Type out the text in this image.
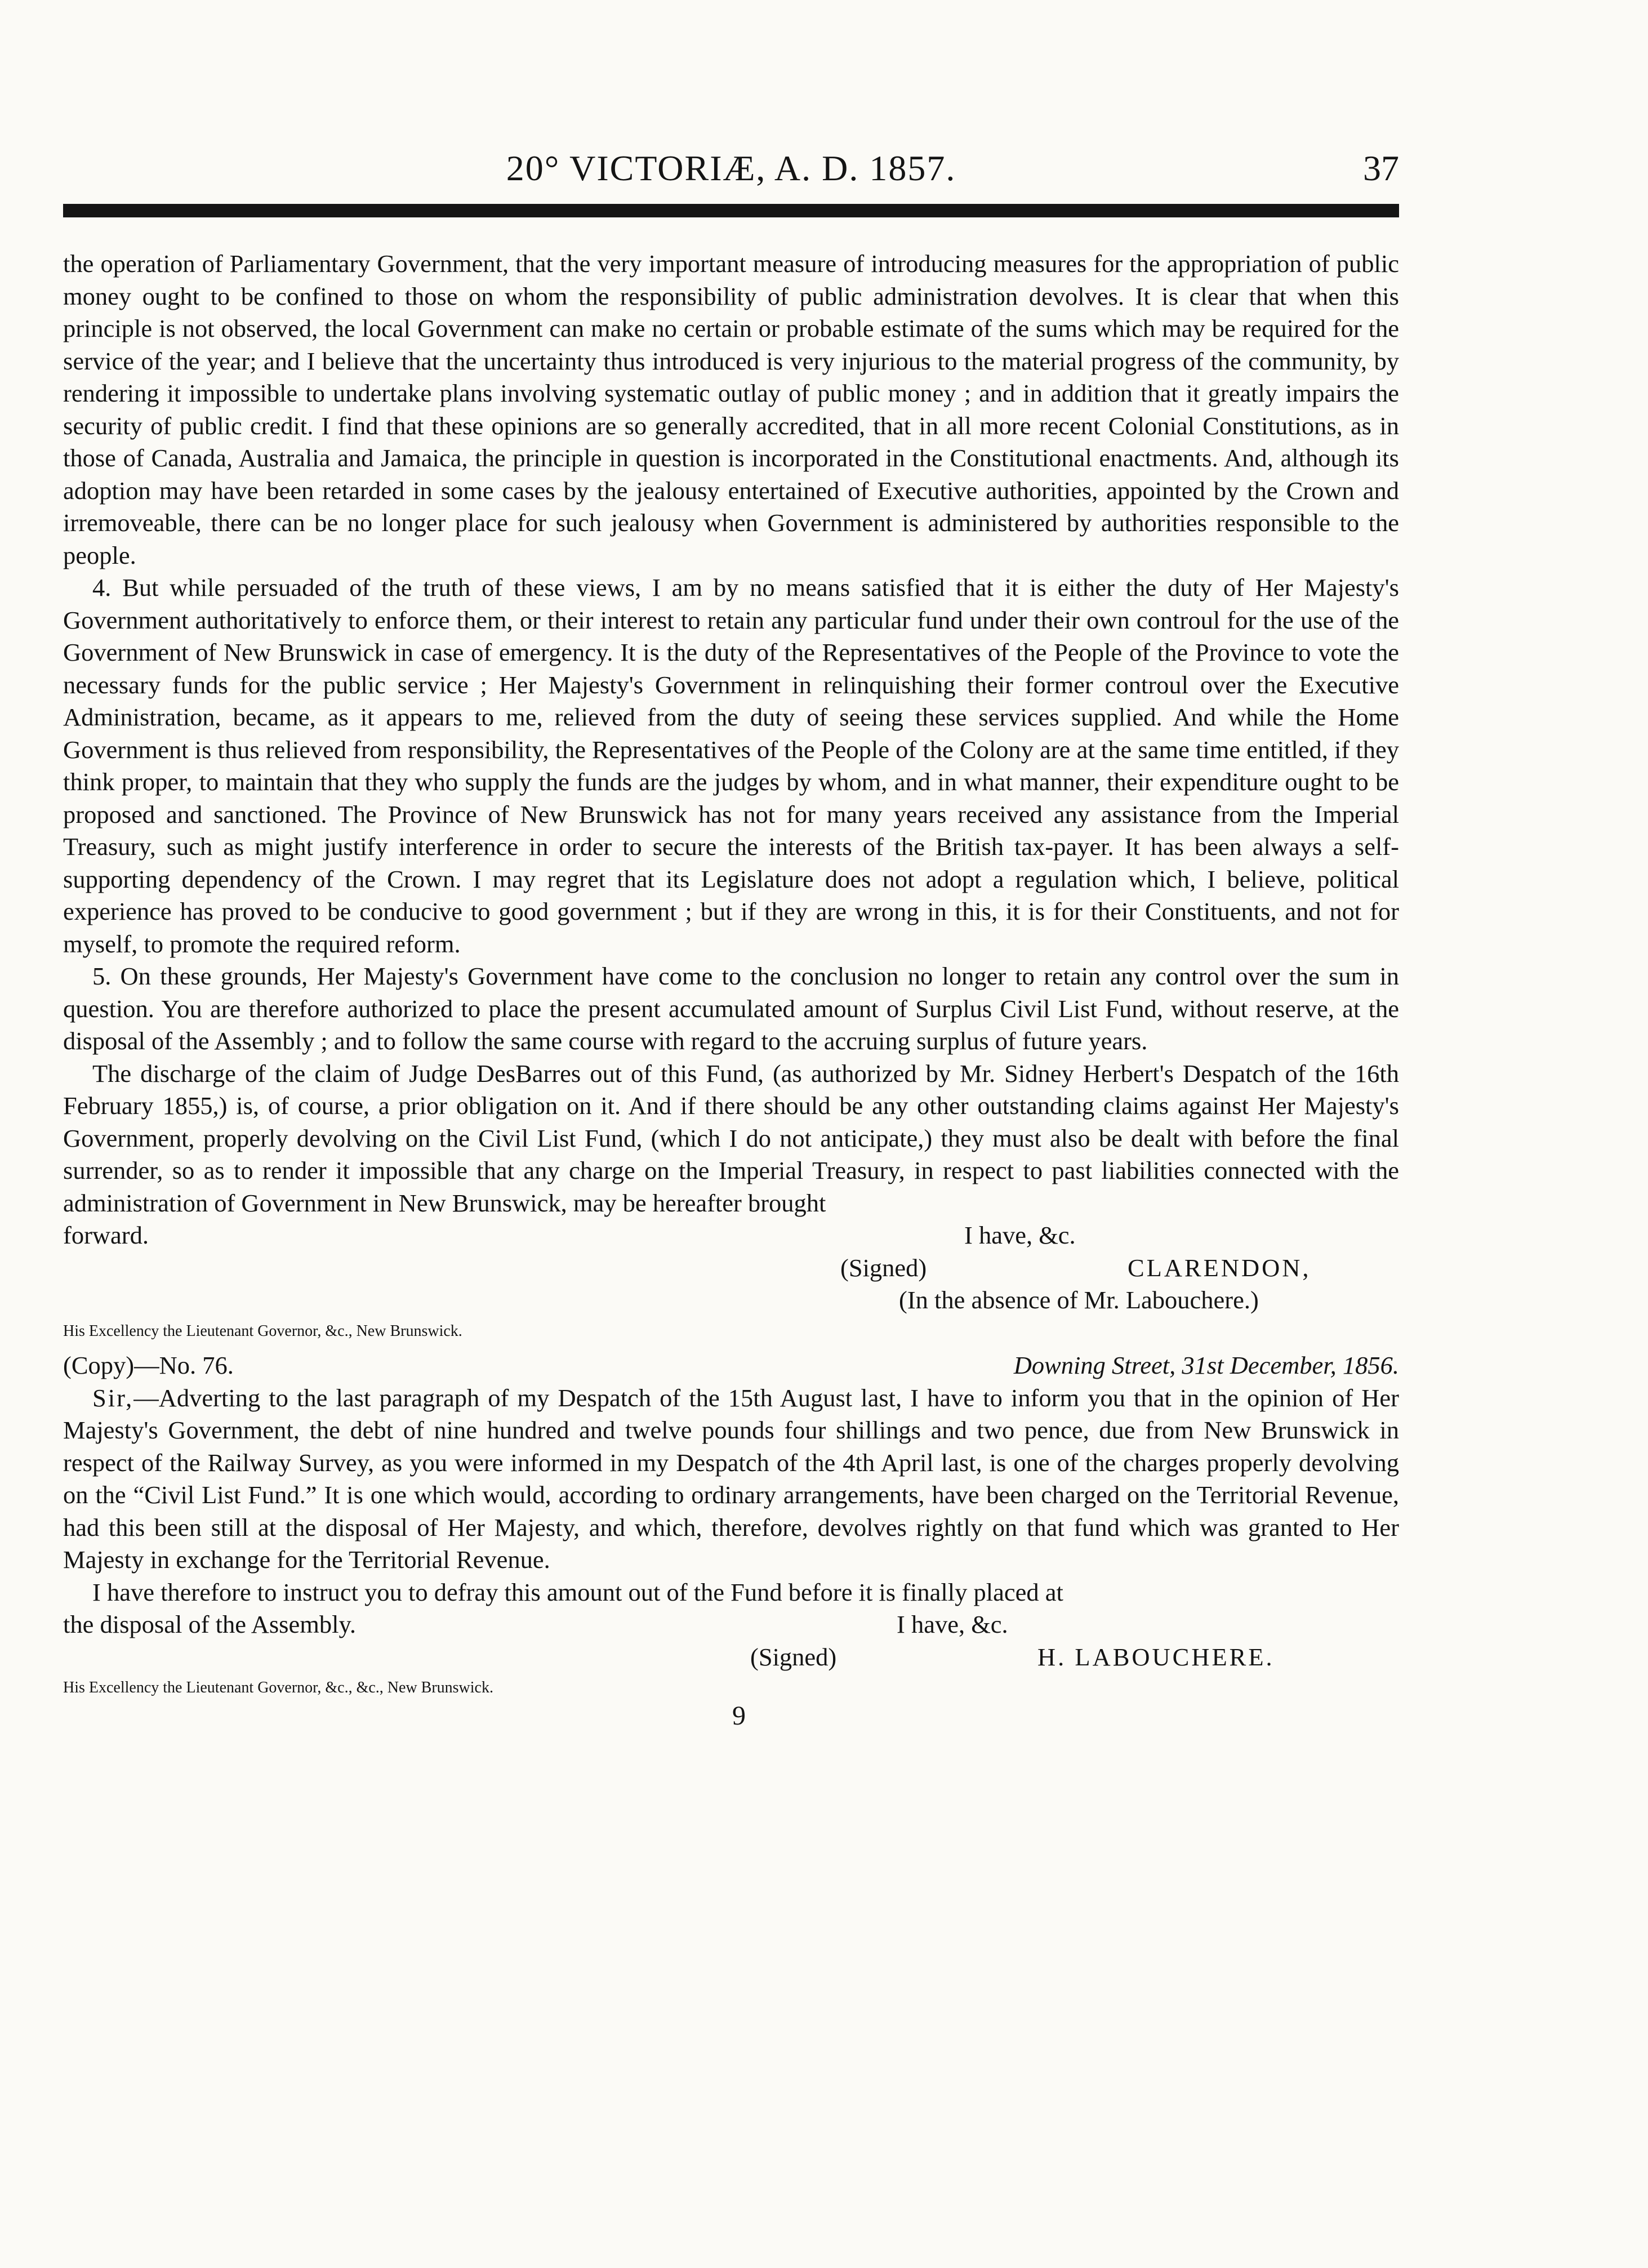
20° VICTORIÆ, A. D. 1857.	37

the operation of Parliamentary Government, that the very important measure of introducing measures for the appropriation of public money ought to be confined to those on whom the responsibility of public administration devolves. It is clear that when this principle is not observed, the local Government can make no certain or probable estimate of the sums which may be required for the service of the year; and I believe that the uncertainty thus introduced is very injurious to the material progress of the community, by rendering it impossible to undertake plans involving systematic outlay of public money ; and in addition that it greatly impairs the security of public credit. I find that these opinions are so generally accredited, that in all more recent Colonial Constitutions, as in those of Canada, Australia and Jamaica, the principle in question is incorporated in the Constitutional enactments. And, although its adoption may have been retarded in some cases by the jealousy entertained of Executive authorities, appointed by the Crown and irremoveable, there can be no longer place for such jealousy when Government is administered by authorities responsible to the people.

4. But while persuaded of the truth of these views, I am by no means satisfied that it is either the duty of Her Majesty's Government authoritatively to enforce them, or their interest to retain any particular fund under their own controul for the use of the Government of New Brunswick in case of emergency. It is the duty of the Representatives of the People of the Province to vote the necessary funds for the public service ; Her Majesty's Government in relinquishing their former controul over the Executive Administration, became, as it appears to me, relieved from the duty of seeing these services supplied. And while the Home Government is thus relieved from responsibility, the Representatives of the People of the Colony are at the same time entitled, if they think proper, to maintain that they who supply the funds are the judges by whom, and in what manner, their expenditure ought to be proposed and sanctioned. The Province of New Brunswick has not for many years received any assistance from the Imperial Treasury, such as might justify interference in order to secure the interests of the British tax-payer. It has been always a self-supporting dependency of the Crown. I may regret that its Legislature does not adopt a regulation which, I believe, political experience has proved to be conducive to good government ; but if they are wrong in this, it is for their Constituents, and not for myself, to promote the required reform.

5. On these grounds, Her Majesty's Government have come to the conclusion no longer to retain any control over the sum in question. You are therefore authorized to place the present accumulated amount of Surplus Civil List Fund, without reserve, at the disposal of the Assembly ; and to follow the same course with regard to the accruing surplus of future years.

The discharge of the claim of Judge DesBarres out of this Fund, (as authorized by Mr. Sidney Herbert's Despatch of the 16th February 1855,) is, of course, a prior obligation on it. And if there should be any other outstanding claims against Her Majesty's Government, properly devolving on the Civil List Fund, (which I do not anticipate,) they must also be dealt with before the final surrender, so as to render it impossible that any charge on the Imperial Treasury, in respect to past liabilities connected with the administration of Government in New Brunswick, may be hereafter brought

forward.	I have, &c.
(Signed)	CLARENDON,
(In the absence of Mr. Labouchere.)
His Excellency the Lieutenant Governor, &c., New Brunswick.
(Copy)—No. 76.	Downing Street, 31st December, 1856.

Sir,—Adverting to the last paragraph of my Despatch of the 15th August last, I have to inform you that in the opinion of Her Majesty's Government, the debt of nine hundred and twelve pounds four shillings and two pence, due from New Brunswick in respect of the Railway Survey, as you were informed in my Despatch of the 4th April last, is one of the charges properly devolving on the “Civil List Fund.” It is one which would, according to ordinary arrangements, have been charged on the Territorial Revenue, had this been still at the disposal of Her Majesty, and which, therefore, devolves rightly on that fund which was granted to Her Majesty in exchange for the Territorial Revenue.

I have therefore to instruct you to defray this amount out of the Fund before it is finally placed at

the disposal of the Assembly.	I have, &c.
(Signed)	H. LABOUCHERE.
His Excellency the Lieutenant Governor, &c., &c., New Brunswick.
9
